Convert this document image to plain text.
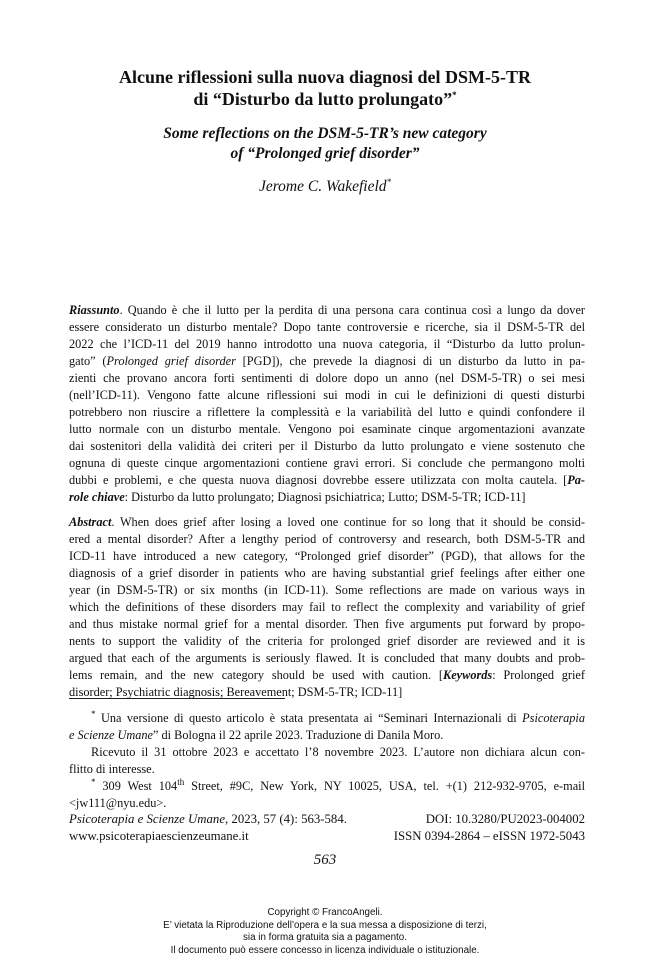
Alcune riflessioni sulla nuova diagnosi del DSM-5-TR
di “Disturbo da lutto prolungato”*
Some reflections on the DSM-5-TR’s new category
of “Prolonged grief disorder”
Jerome C. Wakefield*
Riassunto. Quando è che il lutto per la perdita di una persona cara continua così a lungo da dover
essere considerato un disturbo mentale? Dopo tante controversie e ricerche, sia il DSM-5-TR del
2022 che l’ICD-11 del 2019 hanno introdotto una nuova categoria, il “Disturbo da lutto prolun-
gato” (Prolonged grief disorder [PGD]), che prevede la diagnosi di un disturbo da lutto in pa-
zienti che provano ancora forti sentimenti di dolore dopo un anno (nel DSM-5-TR) o sei mesi
(nell’ICD-11). Vengono fatte alcune riflessioni sui modi in cui le definizioni di questi disturbi
potrebbero non riuscire a riflettere la complessità e la variabilità del lutto e quindi confondere il
lutto normale con un disturbo mentale. Vengono poi esaminate cinque argomentazioni avanzate
dai sostenitori della validità dei criteri per il Disturbo da lutto prolungato e viene sostenuto che
ognuna di queste cinque argomentazioni contiene gravi errori. Si conclude che permangono molti
dubbi e problemi, e che questa nuova diagnosi dovrebbe essere utilizzata con molta cautela. [Pa-
role chiave: Disturbo da lutto prolungato; Diagnosi psichiatrica; Lutto; DSM-5-TR; ICD-11]
Abstract. When does grief after losing a loved one continue for so long that it should be consid-
ered a mental disorder? After a lengthy period of controversy and research, both DSM-5-TR and
ICD-11 have introduced a new category, “Prolonged grief disorder” (PGD), that allows for the
diagnosis of a grief disorder in patients who are having substantial grief feelings after either one
year (in DSM-5-TR) or six months (in ICD-11). Some reflections are made on various ways in
which the definitions of these disorders may fail to reflect the complexity and variability of grief
and thus mistake normal grief for a mental disorder. Then five arguments put forward by propo-
nents to support the validity of the criteria for prolonged grief disorder are reviewed and it is
argued that each of the arguments is seriously flawed. It is concluded that many doubts and prob-
lems remain, and the new category should be used with caution. [Keywords: Prolonged grief
disorder; Psychiatric diagnosis; Bereavement; DSM-5-TR; ICD-11]
* Una versione di questo articolo è stata presentata ai “Seminari Internazionali di Psicoterapia
e Scienze Umane” di Bologna il 22 aprile 2023. Traduzione di Danila Moro.
Ricevuto il 31 ottobre 2023 e accettato l’8 novembre 2023. L’autore non dichiara alcun con-
flitto di interesse.
* 309 West 104th Street, #9C, New York, NY 10025, USA, tel. +(1) 212-932-9705, e-mail
<jw111@nyu.edu>.
Psicoterapia e Scienze Umane, 2023, 57 (4): 563-584.	DOI: 10.3280/PU2023-004002
www.psicoterapiaescienzeumane.it	ISSN 0394-2864 – eISSN 1972-5043
563
Copyright © FrancoAngeli.
E’ vietata la Riproduzione dell’opera e la sua messa a disposizione di terzi,
sia in forma gratuita sia a pagamento.
Il documento può essere concesso in licenza individuale o istituzionale.
